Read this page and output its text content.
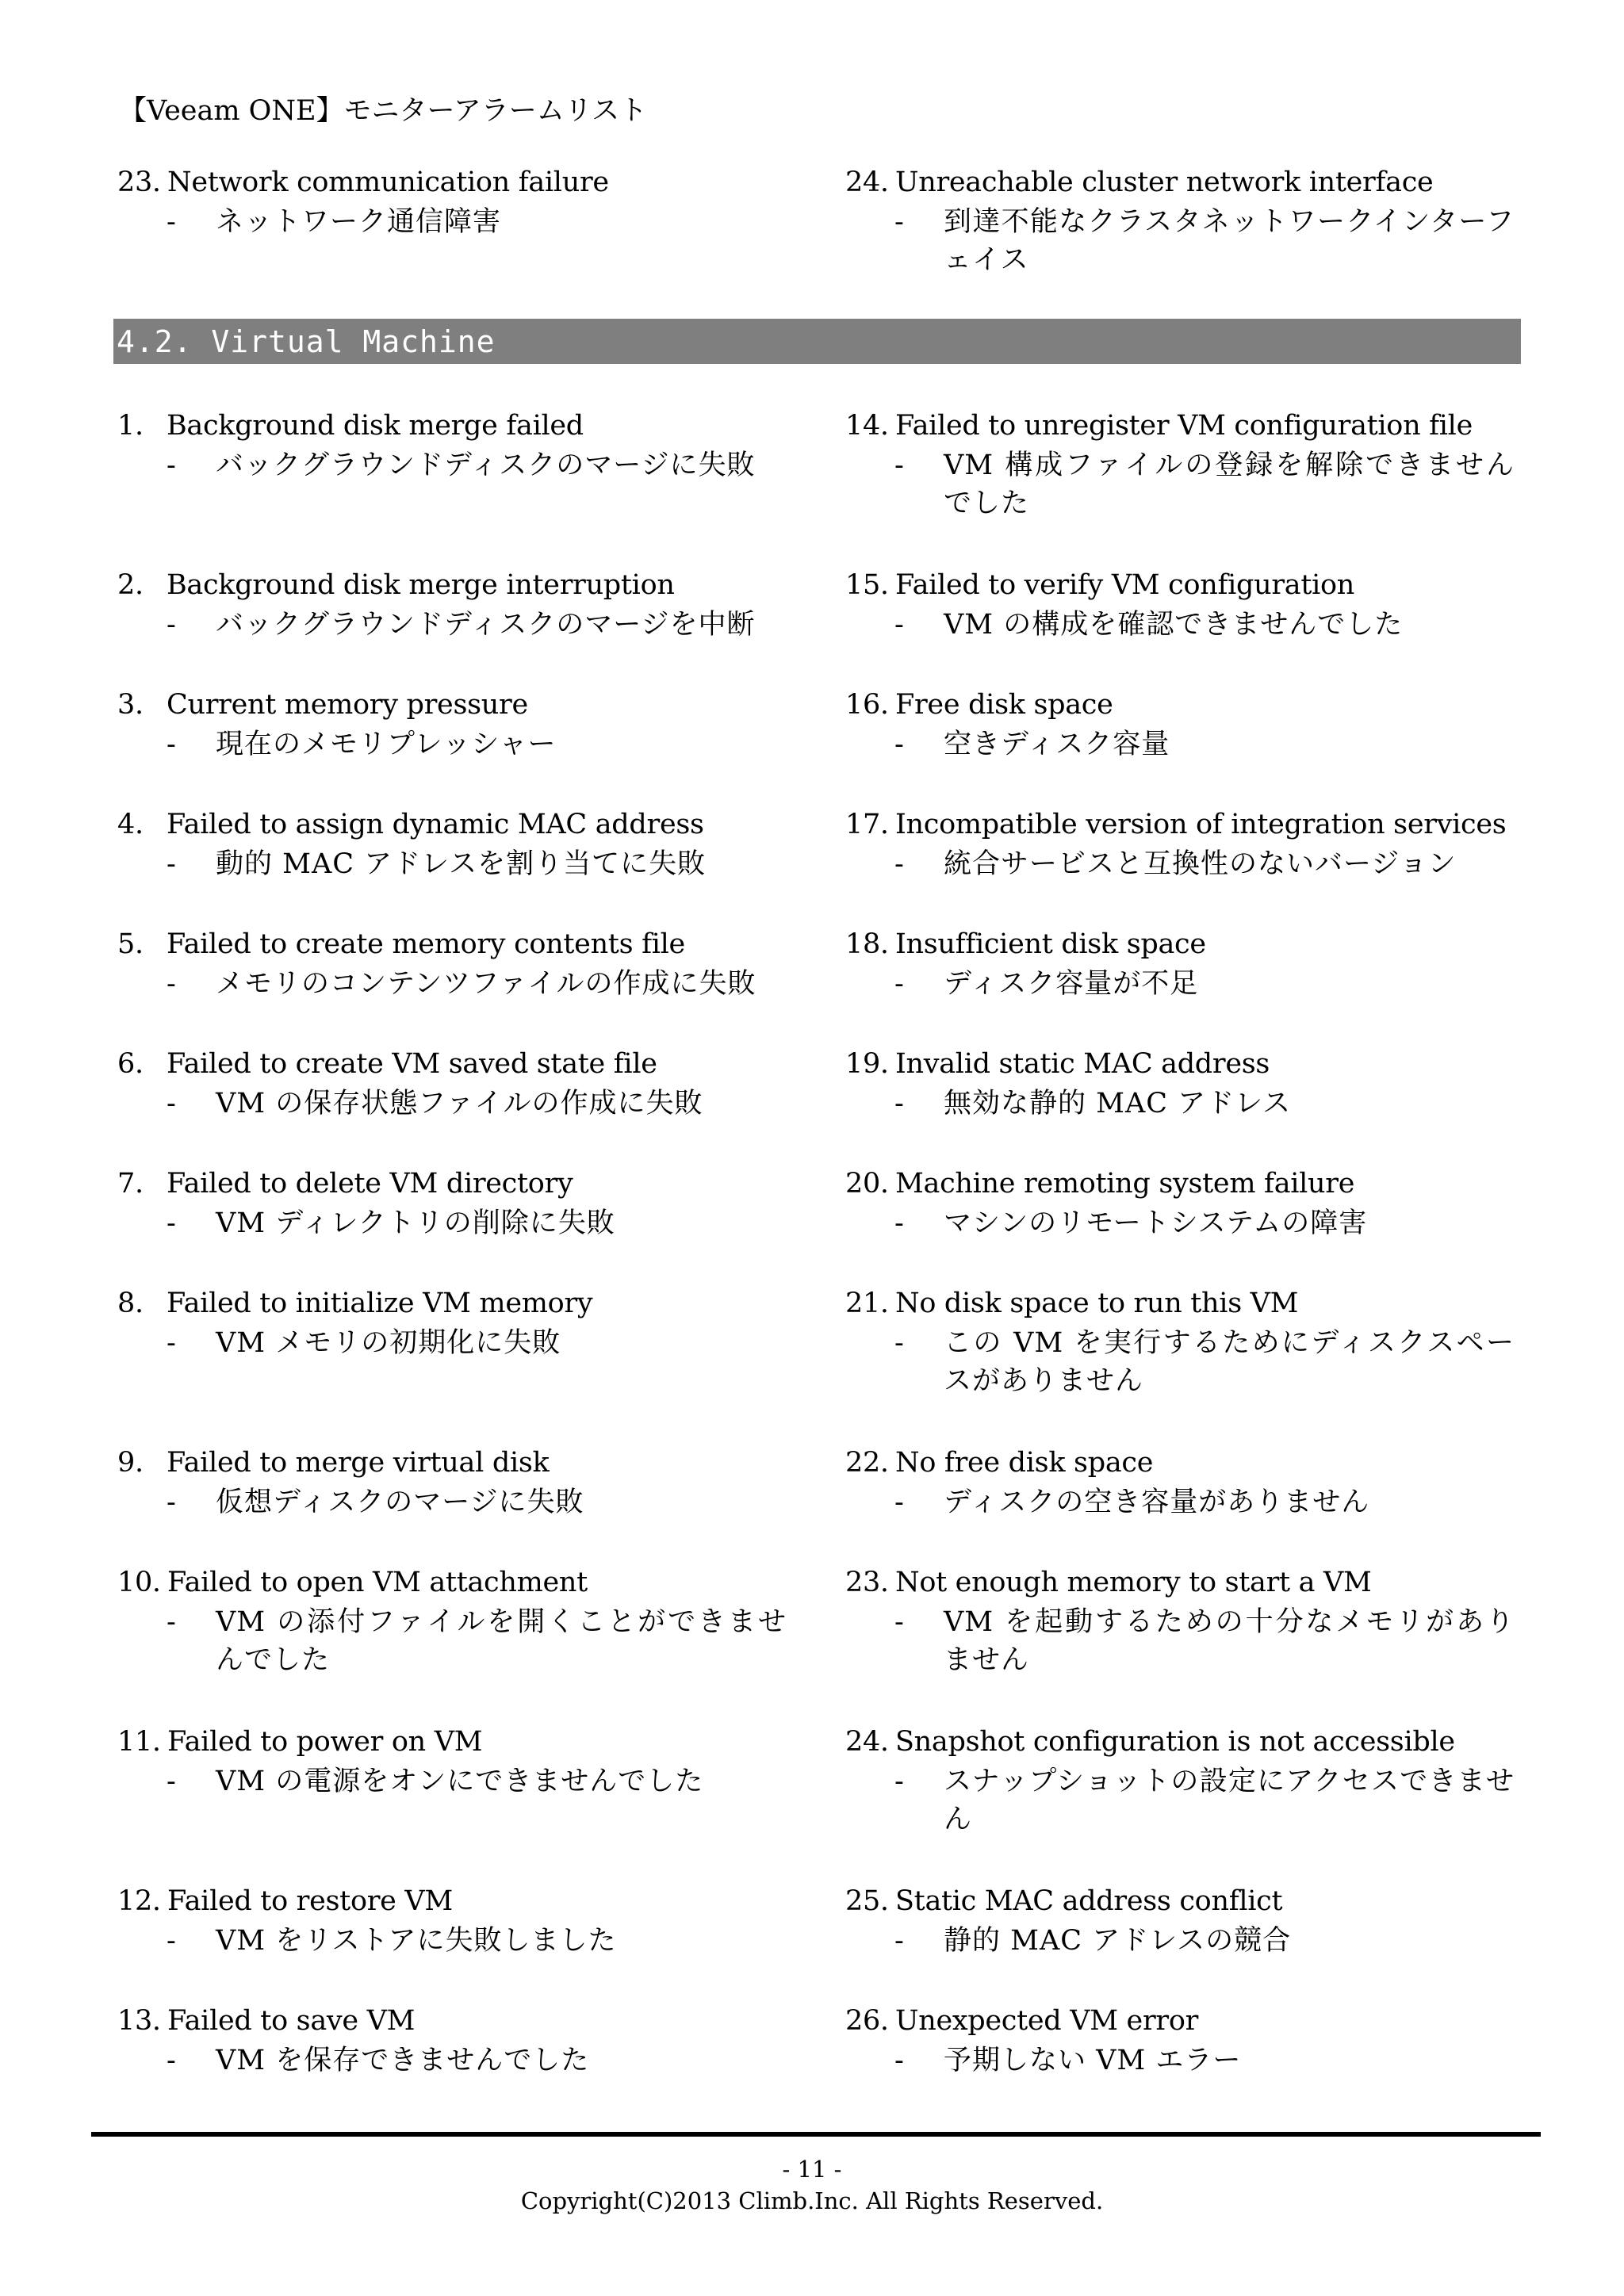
【Veeam ONE】モニターアラームリスト
23. Network communication failure
- ネットワーク通信障害
24. Unreachable cluster network interface
- 到達不能なクラスタネットワークインターフェイス
4.2. Virtual Machine
1. Background disk merge failed
- バックグラウンドディスクのマージに失敗
2. Background disk merge interruption
- バックグラウンドディスクのマージを中断
3. Current memory pressure
- 現在のメモリプレッシャー
4. Failed to assign dynamic MAC address
- 動的 MAC アドレスを割り当てに失敗
5. Failed to create memory contents file
- メモリのコンテンツファイルの作成に失敗
6. Failed to create VM saved state file
- VM の保存状態ファイルの作成に失敗
7. Failed to delete VM directory
- VM ディレクトリの削除に失敗
8. Failed to initialize VM memory
- VM メモリの初期化に失敗
9. Failed to merge virtual disk
- 仮想ディスクのマージに失敗
10. Failed to open VM attachment
- VM の添付ファイルを開くことができませんでした
11. Failed to power on VM
- VM の電源をオンにできませんでした
12. Failed to restore VM
- VM をリストアに失敗しました
13. Failed to save VM
- VM を保存できませんでした
14. Failed to unregister VM configuration file
- VM 構成ファイルの登録を解除できませんでした
15. Failed to verify VM configuration
- VM の構成を確認できませんでした
16. Free disk space
- 空きディスク容量
17. Incompatible version of integration services
- 統合サービスと互換性のないバージョン
18. Insufficient disk space
- ディスク容量が不足
19. Invalid static MAC address
- 無効な静的 MAC アドレス
20. Machine remoting system failure
- マシンのリモートシステムの障害
21. No disk space to run this VM
- この VM を実行するためにディスクスペースがありません
22. No free disk space
- ディスクの空き容量がありません
23. Not enough memory to start a VM
- VM を起動するための十分なメモリがありません
24. Snapshot configuration is not accessible
- スナップショットの設定にアクセスできません
25. Static MAC address conflict
- 静的 MAC アドレスの競合
26. Unexpected VM error
- 予期しない VM エラー
- 11 -
Copyright(C)2013 Climb.Inc. All Rights Reserved.
